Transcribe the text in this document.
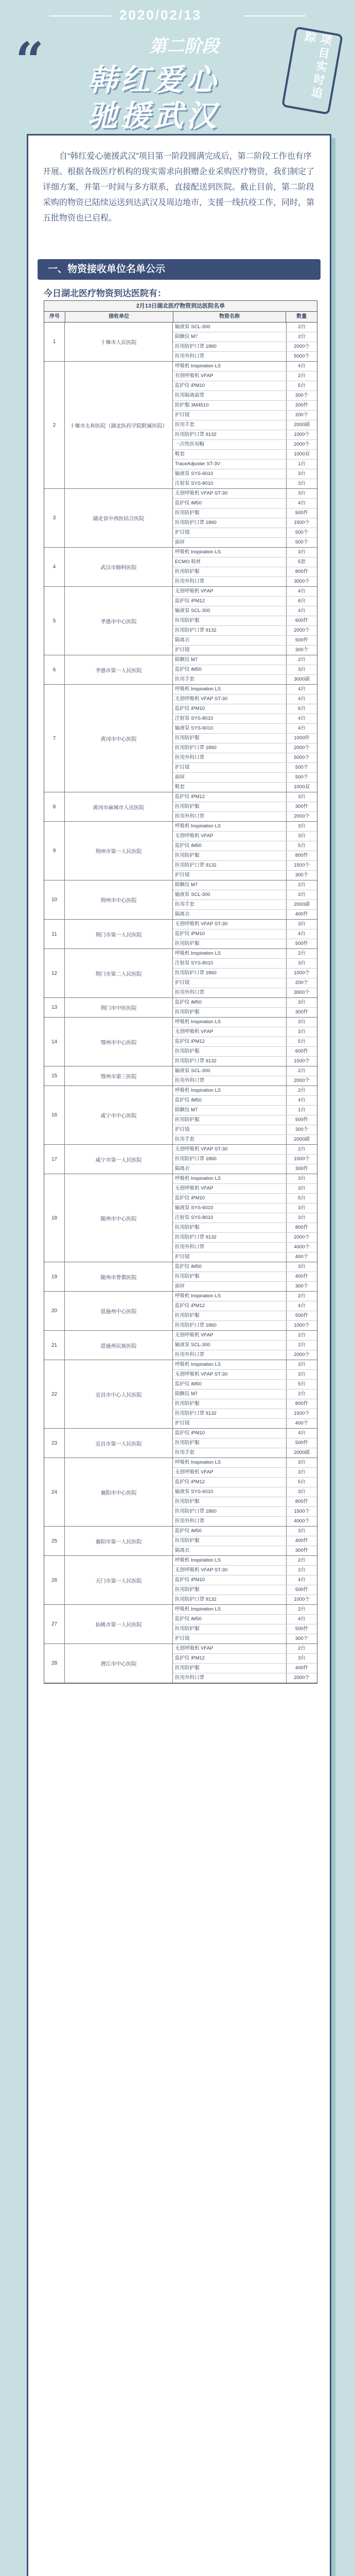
2020/02/13
“	第二阶段
韩红爱心
驰援武汉
项目实时追踪
自“韩红爱心驰援武汉”项目第一阶段圆满完成后，第二阶段工作也有序开展。根据各级医疗机构的现实需求向捐赠企业采购医疗物资，我们制定了详细方案，并第一时间与多方联系，直接配送到医院。截止目前，第二阶段采购的物资已陆续运送到达武汉及周边地市，支援一线抗疫工作，同时，第五批物资也已启程。
一、物资接收单位名单公示
今日湖北医疗物资到达医院有：
2月13日湖北医疗物资到达医院名单
序号	接收单位	物资名称	数量
1	十堰市人民医院
输液泵 SCL-300	2台
除颤仪 M7	2台
医用防护口罩 1860	2000个
医用外科口罩	5000个
2	十堰市太和医院（湖北医药学院附属医院）
呼吸机 Inspiration LS	4台
有创呼吸机 VFAP	2台
监护仪 iPM10	5台
医用隔离面罩	300个
防护服 3M4510	200件
护目镜	200个
医用手套	2000副
医用防护口罩 9132	1000个
一次性医用帽	2000个
鞋套	1000双
TraceAdjuster ST-3V	1台
输液泵 SYS-6010	3台
注射泵 SYS-8010	3台
3	湖北省中西医结合医院
无创呼吸机 VFAP ST-30	3台
监护仪 iM50	4台
医用防护服	500件
医用防护口罩 1860	1500个
护目镜	500个
面屏	500个
4	武汉市肺科医院
呼吸机 Inspiration LS	3台
ECMO 耗材	5套
医用防护服	800件
医用外科口罩	3000个
5	孝感市中心医院
无创呼吸机 VFAP	4台
监护仪 iPM12	6台
输液泵 SCL-300	4台
医用防护服	600件
医用防护口罩 9132	2000个
隔离衣	500件
护目镜	300个
6	孝感市第一人民医院
除颤仪 M7	2台
监护仪 iM50	3台
医用手套	3000副
7	黄冈市中心医院
呼吸机 Inspiration LS	4台
无创呼吸机 VFAP ST-30	4台
监护仪 iPM10	6台
注射泵 SYS-8010	4台
输液泵 SYS-6010	4台
医用防护服	1000件
医用防护口罩 1860	2000个
医用外科口罩	5000个
护目镜	500个
面屏	500个
鞋套	1000双
8	黄冈市麻城市人民医院
监护仪 iPM12	3台
医用防护服	300件
医用外科口罩	2000个
9	荆州市第一人民医院
呼吸机 Inspiration LS	3台
无创呼吸机 VFAP	3台
监护仪 iM50	5台
医用防护服	800件
医用防护口罩 9132	1500个
护目镜	300个
10	荆州市中心医院
除颤仪 M7	2台
输液泵 SCL-300	3台
医用手套	2000副
隔离衣	400件
11	荆门市第一人民医院
无创呼吸机 VFAP ST-30	3台
监护仪 iPM10	4台
医用防护服	500件
12	荆门市第二人民医院
呼吸机 Inspiration LS	2台
注射泵 SYS-8010	3台
医用防护口罩 1860	1000个
护目镜	200个
医用外科口罩	3000个
13	荆门市中医医院
监护仪 iM50	3台
医用防护服	300件
14	鄂州市中心医院
呼吸机 Inspiration LS	3台
无创呼吸机 VFAP	3台
监护仪 iPM12	5台
医用防护服	600件
医用防护口罩 9132	1500个
15	鄂州市第三医院
输液泵 SCL-300	2台
医用外科口罩	2000个
16	咸宁市中心医院
呼吸机 Inspiration LS	2台
监护仪 iM50	4台
除颤仪 M7	1台
医用防护服	500件
护目镜	300个
医用手套	2000副
17	咸宁市第一人民医院
无创呼吸机 VFAP ST-30	2台
医用防护口罩 1860	1000个
隔离衣	300件
18	随州市中心医院
呼吸机 Inspiration LS	3台
无创呼吸机 VFAP	3台
监护仪 iPM10	5台
输液泵 SYS-6010	3台
注射泵 SYS-8010	3台
医用防护服	800件
医用防护口罩 9132	2000个
医用外科口罩	4000个
护目镜	400个
19	随州市曾都医院
监护仪 iM50	3台
医用防护服	400件
面屏	300个
20	恩施州中心医院
呼吸机 Inspiration LS	2台
监护仪 iPM12	4台
医用防护服	500件
医用防护口罩 1860	1000个
21	恩施州民族医院
无创呼吸机 VFAP	2台
输液泵 SCL-300	2台
医用外科口罩	2000个
22	宜昌市中心人民医院
呼吸机 Inspiration LS	3台
无创呼吸机 VFAP ST-30	3台
监护仪 iM50	5台
除颤仪 M7	2台
医用防护服	800件
医用防护口罩 9132	1500个
护目镜	400个
23	宜昌市第一人民医院
监护仪 iPM10	4台
医用防护服	500件
医用手套	2000副
24	襄阳市中心医院
呼吸机 Inspiration LS	3台
无创呼吸机 VFAP	3台
监护仪 iPM12	5台
输液泵 SYS-6010	3台
医用防护服	800件
医用防护口罩 1860	1500个
医用外科口罩	4000个
25	襄阳市第一人民医院
监护仪 iM50	3台
医用防护服	400件
隔离衣	300件
26	天门市第一人民医院
呼吸机 Inspiration LS	2台
无创呼吸机 VFAP ST-30	2台
监护仪 iPM10	4台
医用防护服	500件
医用防护口罩 9132	1000个
27	仙桃市第一人民医院
呼吸机 Inspiration LS	2台
监护仪 iM50	4台
医用防护服	500件
护目镜	300个
28	潜江市中心医院
无创呼吸机 VFAP	2台
监护仪 iPM12	3台
医用防护服	400件
医用外科口罩	2000个
